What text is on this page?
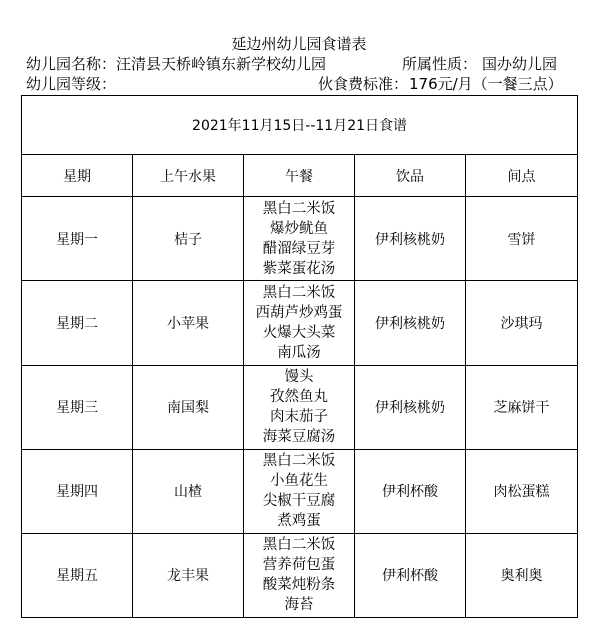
延边州幼儿园食谱表
幼儿园名称： 汪清县天桥岭镇东新学校幼儿园	所属性质： 国办幼儿园
幼儿园等级：	伙食费标准： 176元/月（一餐三点）
2021年11月15日--11月21日食谱				
星期	上午水果	午餐	饮品	间点
星期一	桔子	黑白二米饭
爆炒鱿鱼
醋溜绿豆芽
紫菜蛋花汤	伊利核桃奶	雪饼
星期二	小苹果	黑白二米饭
西葫芦炒鸡蛋
火爆大头菜
南瓜汤	伊利核桃奶	沙琪玛
星期三	南国梨	馒头
孜然鱼丸
肉末茄子
海菜豆腐汤	伊利核桃奶	芝麻饼干
星期四	山楂	黑白二米饭
小鱼花生
尖椒干豆腐
煮鸡蛋	伊利杯酸	肉松蛋糕
星期五	龙丰果	黑白二米饭
营养荷包蛋
酸菜炖粉条
海苔	伊利杯酸	奥利奥
